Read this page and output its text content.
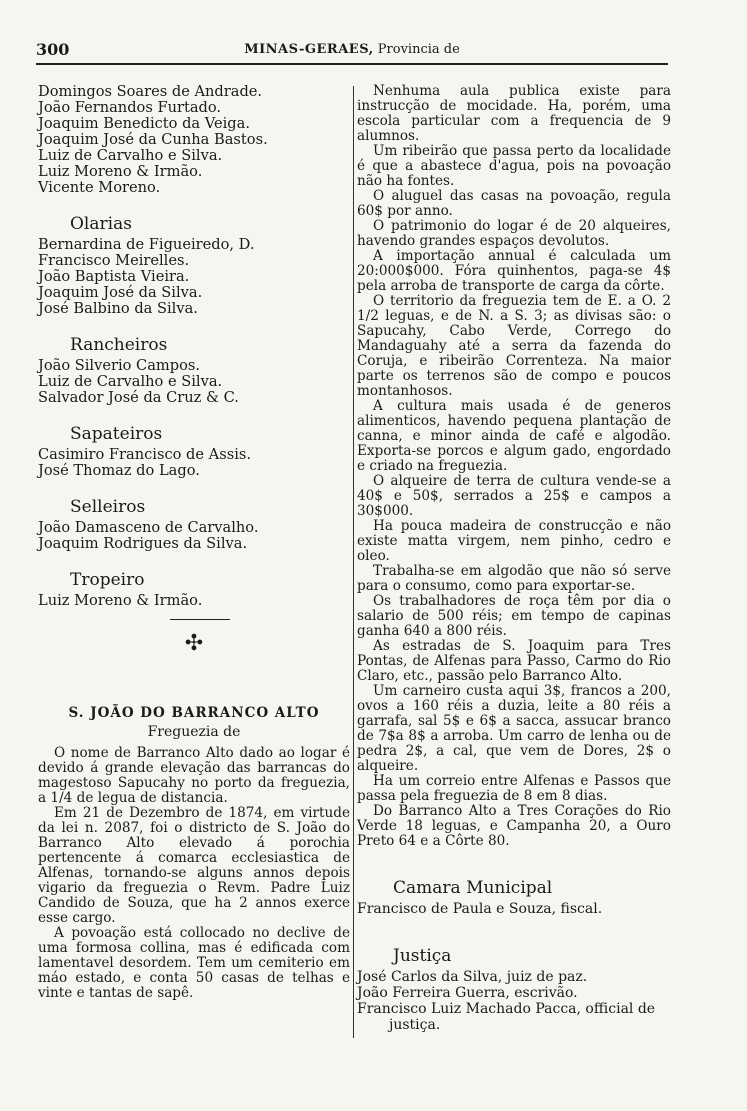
300	MINAS-GERAES, Provincia de
Domingos Soares de Andrade.
João Fernandos Furtado.
Joaquim Benedicto da Veiga.
Joaquim José da Cunha Bastos.
Luiz de Carvalho e Silva.
Luiz Moreno & Irmão.
Vicente Moreno.
Olarias
Bernardina de Figueiredo, D.
Francisco Meirelles.
João Baptista Vieira.
Joaquim José da Silva.
José Balbino da Silva.
Rancheiros
João Silverio Campos.
Luiz de Carvalho e Silva.
Salvador José da Cruz & C.
Sapateiros
Casimiro Francisco de Assis.
José Thomaz do Lago.
Selleiros
João Damasceno de Carvalho.
Joaquim Rodrigues da Silva.
Tropeiro
Luiz Moreno & Irmão.
✣
S. JOÃO DO BARRANCO ALTO
Freguezia de

O nome de Barranco Alto dado ao logar é devido á grande elevação das barrancas do magestoso Sapucahy no porto da freguezia, a 1/4 de legua de distancia.

Em 21 de Dezembro de 1874, em virtude da lei n. 2087, foi o districto de S. João do Barranco Alto elevado á porochia pertencente á comarca ecclesiastica de Alfenas, tornando-se alguns annos depois vigario da freguezia o Revm. Padre Luiz Candido de Souza, que ha 2 annos exerce esse cargo.

A povoação está collocado no declive de uma formosa collina, mas é edificada com lamentavel desordem. Tem um cemiterio em máo estado, e conta 50 casas de telhas e vinte e tantas de sapê.

Nenhuma aula publica existe para instrucção de mocidade. Ha, porém, uma escola particular com a frequencia de 9 alumnos.

Um ribeirão que passa perto da localidade é que a abastece d'agua, pois na povoação não ha fontes.

O aluguel das casas na povoação, regula 60$ por anno.

O patrimonio do logar é de 20 alqueires, havendo grandes espaços devolutos.

A importação annual é calculada um 20:000$000. Fóra quinhentos, paga-se 4$ pela arroba de transporte de carga da côrte.

O territorio da freguezia tem de E. a O. 2 1/2 leguas, e de N. a S. 3; as divisas são: o Sapucahy, Cabo Verde, Corrego do Mandaguahy até a serra da fazenda do Coruja, e ribeirão Correnteza. Na maior parte os terrenos são de compo e poucos montanhosos.

A cultura mais usada é de generos alimenticos, havendo pequena plantação de canna, e minor ainda de café e algodão. Exporta-se porcos e algum gado, engordado e criado na freguezia.

O alqueire de terra de cultura vende-se a 40$ e 50$, serrados a 25$ e campos a 30$000.

Ha pouca madeira de construcção e não existe matta virgem, nem pinho, cedro e oleo.

Trabalha-se em algodão que não só serve para o consumo, como para exportar-se.

Os trabalhadores de roça têm por dia o salario de 500 réis; em tempo de capinas ganha 640 a 800 réis.

As estradas de S. Joaquim para Tres Pontas, de Alfenas para Passo, Carmo do Rio Claro, etc., passão pelo Barranco Alto.

Um carneiro custa aqui 3$, francos a 200, ovos a 160 réis a duzia, leite a 80 réis a garrafa, sal 5$ e 6$ a sacca, assucar branco de 7$a 8$ a arroba. Um carro de lenha ou de pedra 2$, a cal, que vem de Dores, 2$ o alqueire.

Ha um correio entre Alfenas e Passos que passa pela freguezia de 8 em 8 dias.

Do Barranco Alto a Tres Corações do Rio Verde 18 leguas, e Campanha 20, a Ouro Preto 64 e a Côrte 80.

Camara Municipal
Francisco de Paula e Souza, fiscal.
Justiça
José Carlos da Silva, juiz de paz.
João Ferreira Guerra, escrivão.
Francisco Luiz Machado Pacca, official de justiça.
